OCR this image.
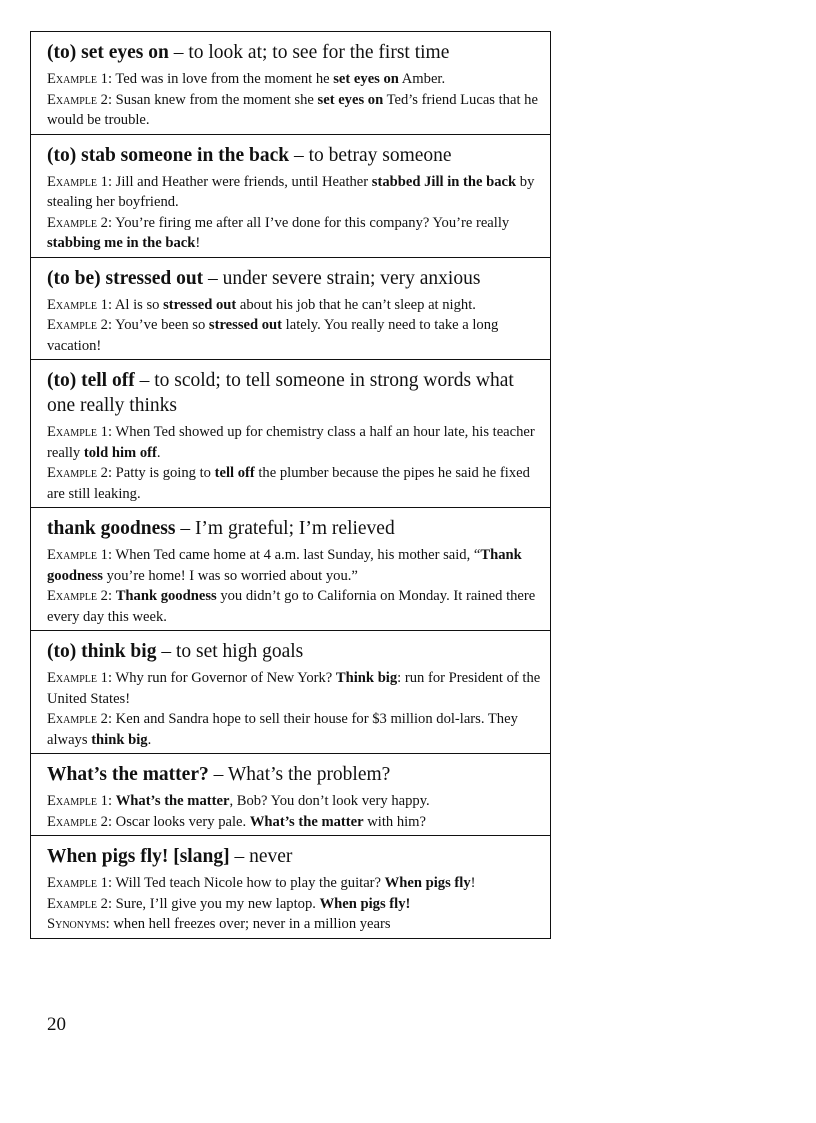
(to) set eyes on – to look at; to see for the first time
Example 1: Ted was in love from the moment he set eyes on Amber.
Example 2: Susan knew from the moment she set eyes on Ted’s friend Lucas that he would be trouble.
(to) stab someone in the back – to betray someone
Example 1: Jill and Heather were friends, until Heather stabbed Jill in the back by stealing her boyfriend.
Example 2: You’re firing me after all I’ve done for this company? You’re really stabbing me in the back!
(to be) stressed out – under severe strain; very anxious
Example 1: Al is so stressed out about his job that he can’t sleep at night.
Example 2: You’ve been so stressed out lately. You really need to take a long vacation!
(to) tell off – to scold; to tell someone in strong words what one really thinks
Example 1: When Ted showed up for chemistry class a half an hour late, his teacher really told him off.
Example 2: Patty is going to tell off the plumber because the pipes he said he fixed are still leaking.
thank goodness – I’m grateful; I’m relieved
Example 1: When Ted came home at 4 a.m. last Sunday, his mother said, “Thank goodness you’re home! I was so worried about you.”
Example 2: Thank goodness you didn’t go to California on Monday. It rained there every day this week.
(to) think big – to set high goals
Example 1: Why run for Governor of New York? Think big: run for President of the United States!
Example 2: Ken and Sandra hope to sell their house for $3 million dol-lars. They always think big.
What’s the matter? – What’s the problem?
Example 1: What’s the matter, Bob? You don’t look very happy.
Example 2: Oscar looks very pale. What’s the matter with him?
When pigs fly! [slang] – never
Example 1: Will Ted teach Nicole how to play the guitar? When pigs fly!
Example 2: Sure, I’ll give you my new laptop. When pigs fly!
Synonyms: when hell freezes over; never in a million years
20
